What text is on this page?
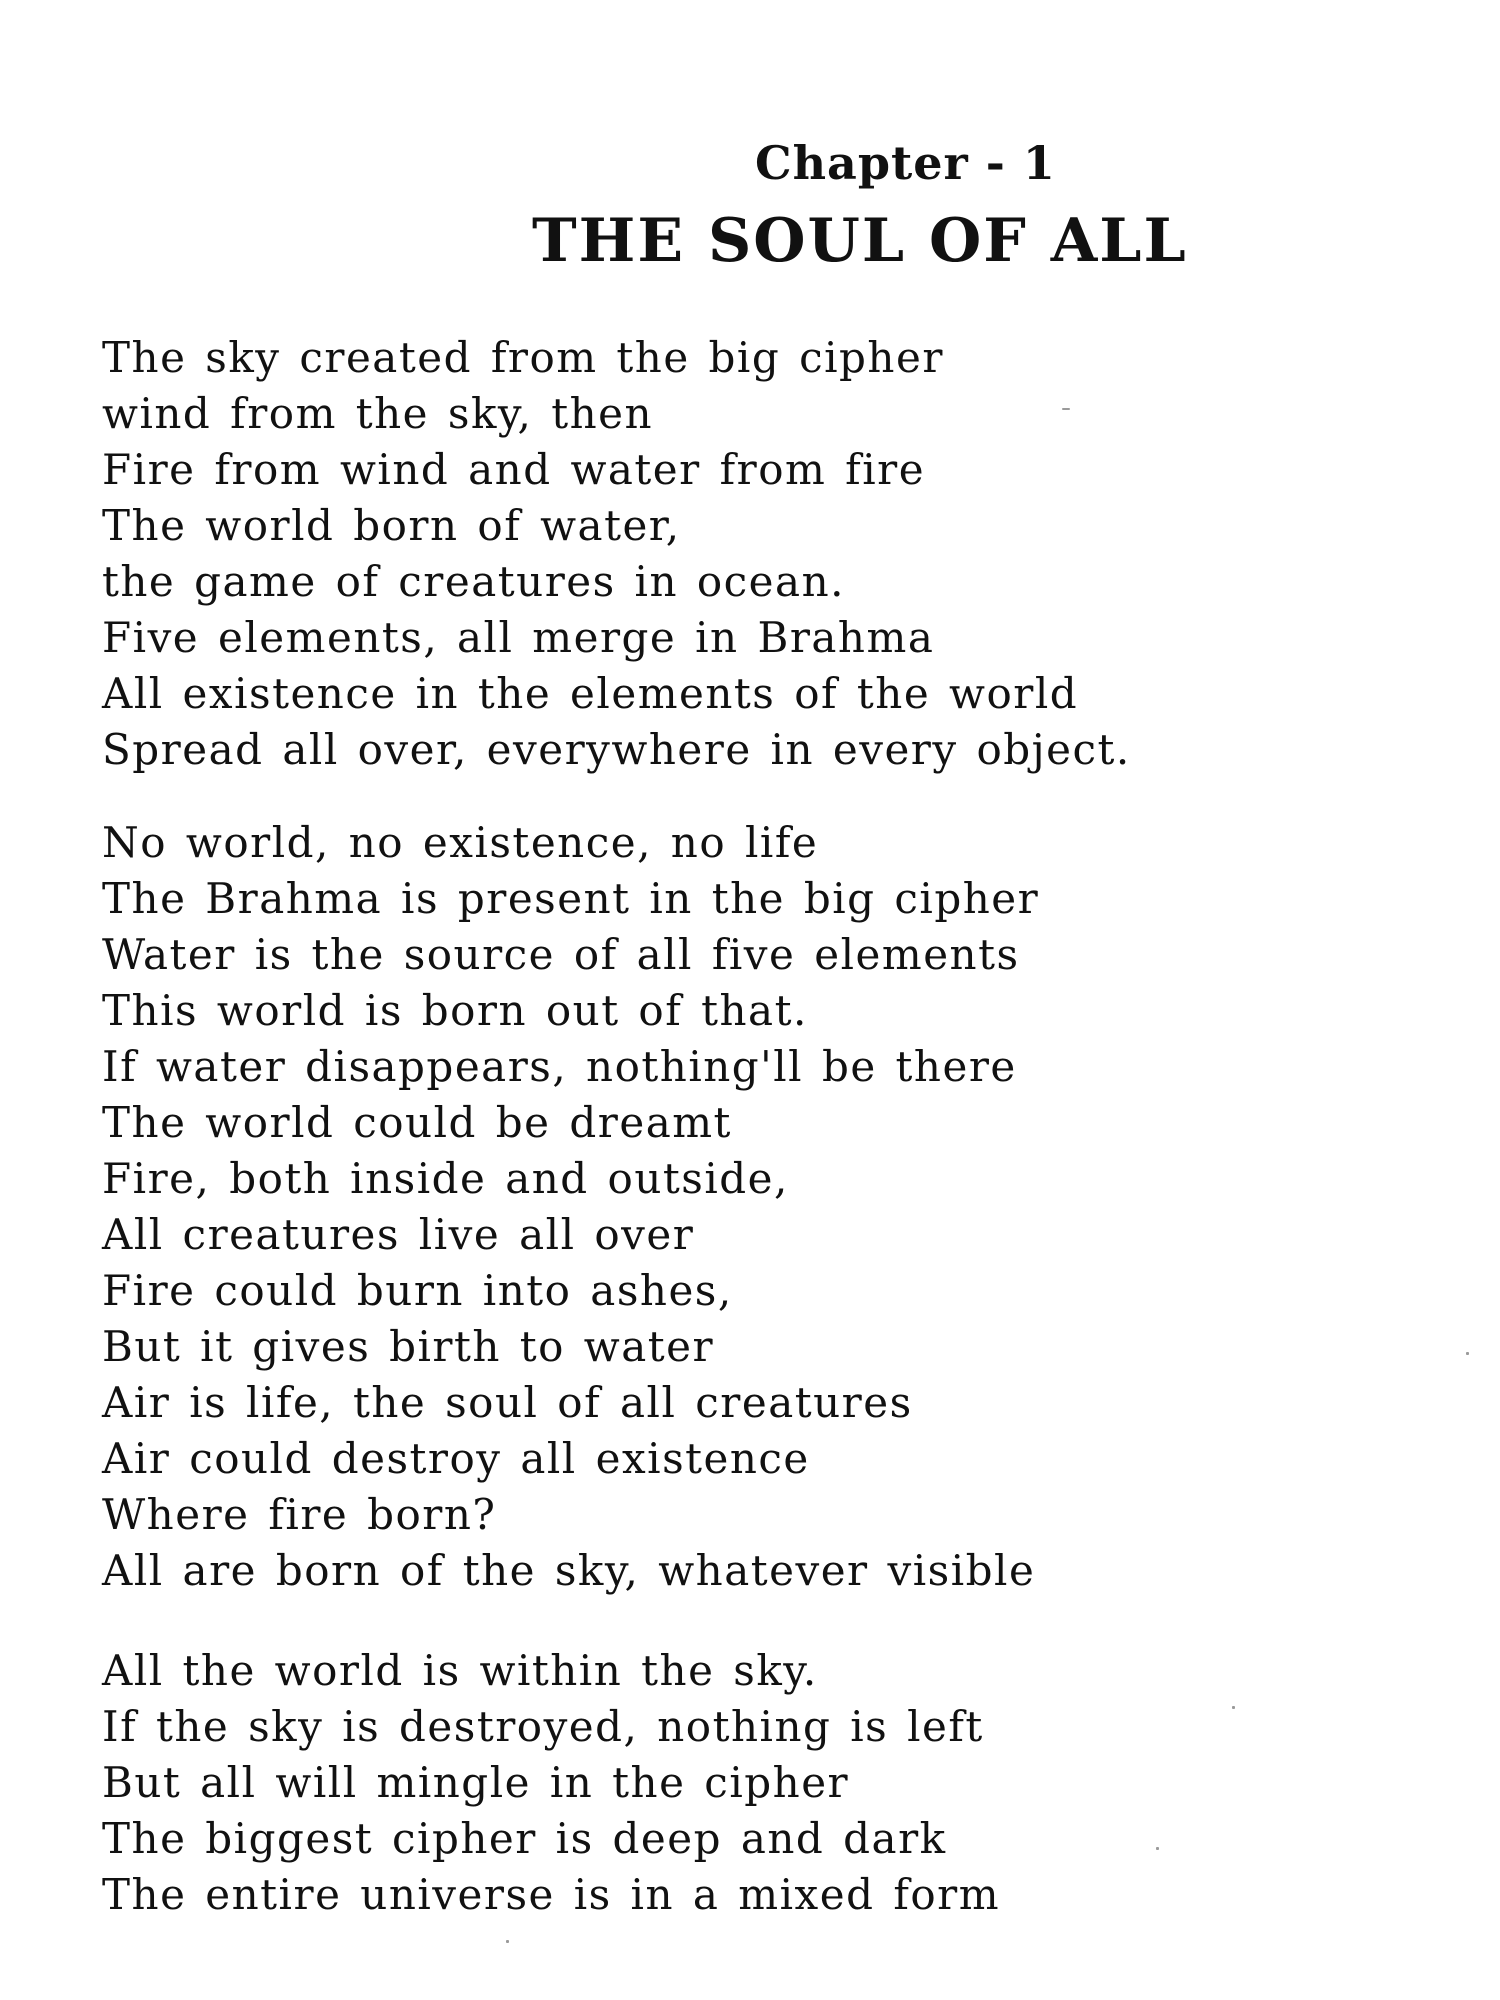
Chapter - 1
THE SOUL OF ALL
The sky created from the big cipher
wind from the sky, then
Fire from wind and water from fire
The world born of water,
the game of creatures in ocean.
Five elements, all merge in Brahma
All existence in the elements of the world
Spread all over, everywhere in every object.
No world, no existence, no life
The Brahma is present in the big cipher
Water is the source of all five elements
This world is born out of that.
If water disappears, nothing'll be there
The world could be dreamt
Fire, both inside and outside,
All creatures live all over
Fire could burn into ashes,
But it gives birth to water
Air is life, the soul of all creatures
Air could destroy all existence
Where fire born?
All are born of the sky, whatever visible
All the world is within the sky.
If the sky is destroyed, nothing is left
But all will mingle in the cipher
The biggest cipher is deep and dark
The entire universe is in a mixed form
